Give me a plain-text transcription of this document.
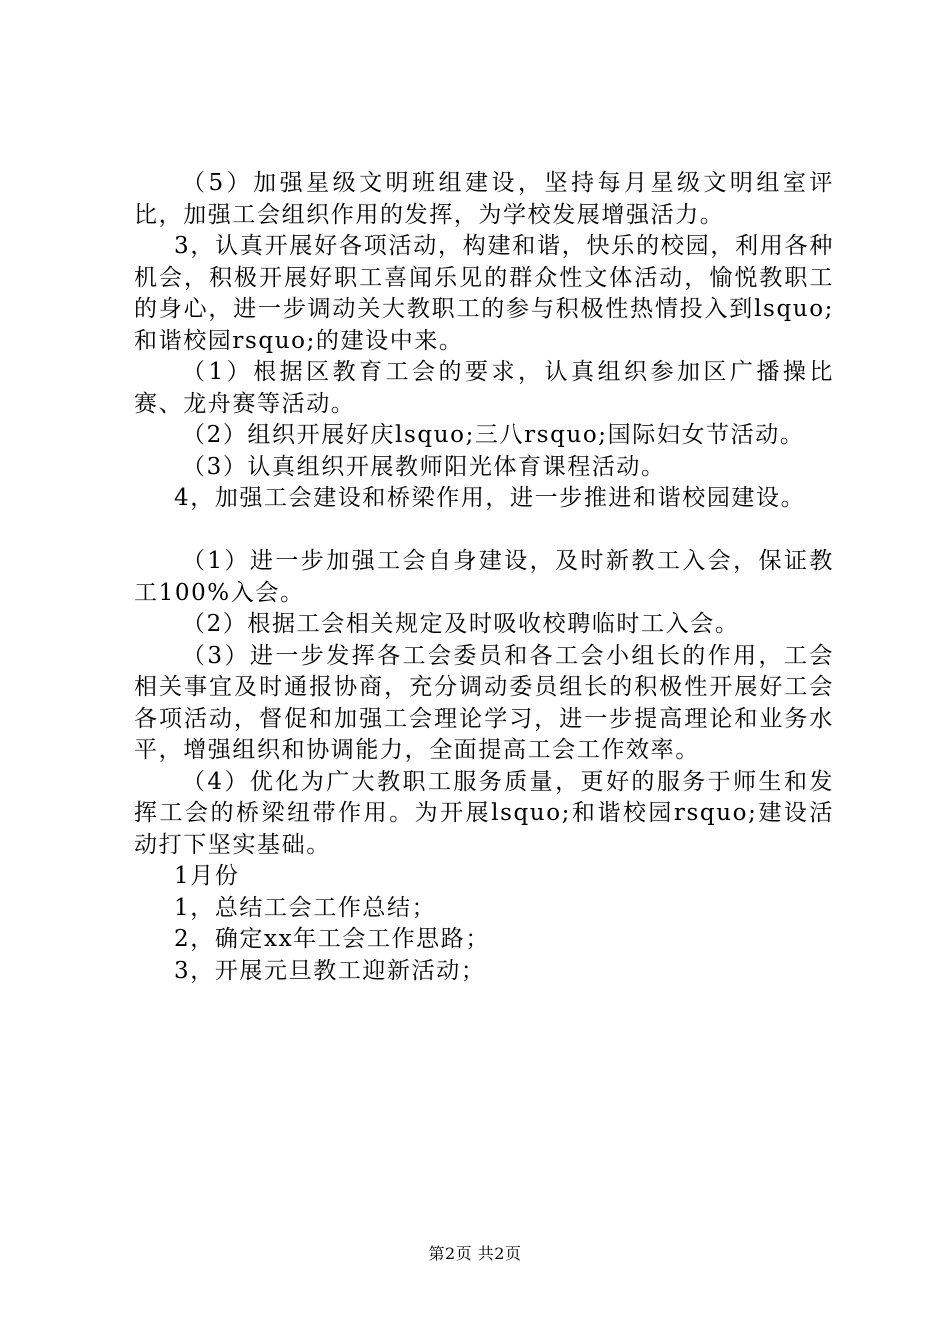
（5）加强星级文明班组建设，坚持每月星级文明组室评比，加强工会组织作用的发挥，为学校发展增强活力。

3，认真开展好各项活动，构建和谐，快乐的校园，利用各种机会，积极开展好职工喜闻乐见的群众性文体活动，愉悦教职工的身心，进一步调动关大教职工的参与积极性热情投入到lsquo;和谐校园rsquo;的建设中来。

（1）根据区教育工会的要求，认真组织参加区广播操比赛、龙舟赛等活动。

（2）组织开展好庆lsquo;三八rsquo;国际妇女节活动。

（3）认真组织开展教师阳光体育课程活动。

4，加强工会建设和桥梁作用，进一步推进和谐校园建设。

（1）进一步加强工会自身建设，及时新教工入会，保证教工100%入会。

（2）根据工会相关规定及时吸收校聘临时工入会。

（3）进一步发挥各工会委员和各工会小组长的作用，工会相关事宜及时通报协商，充分调动委员组长的积极性开展好工会各项活动，督促和加强工会理论学习，进一步提高理论和业务水平，增强组织和协调能力，全面提高工会工作效率。

（4）优化为广大教职工服务质量，更好的服务于师生和发挥工会的桥梁纽带作用。为开展lsquo;和谐校园rsquo;建设活动打下坚实基础。

1月份

1，总结工会工作总结；

2，确定xx年工会工作思路；

3，开展元旦教工迎新活动；

第2页 共2页
